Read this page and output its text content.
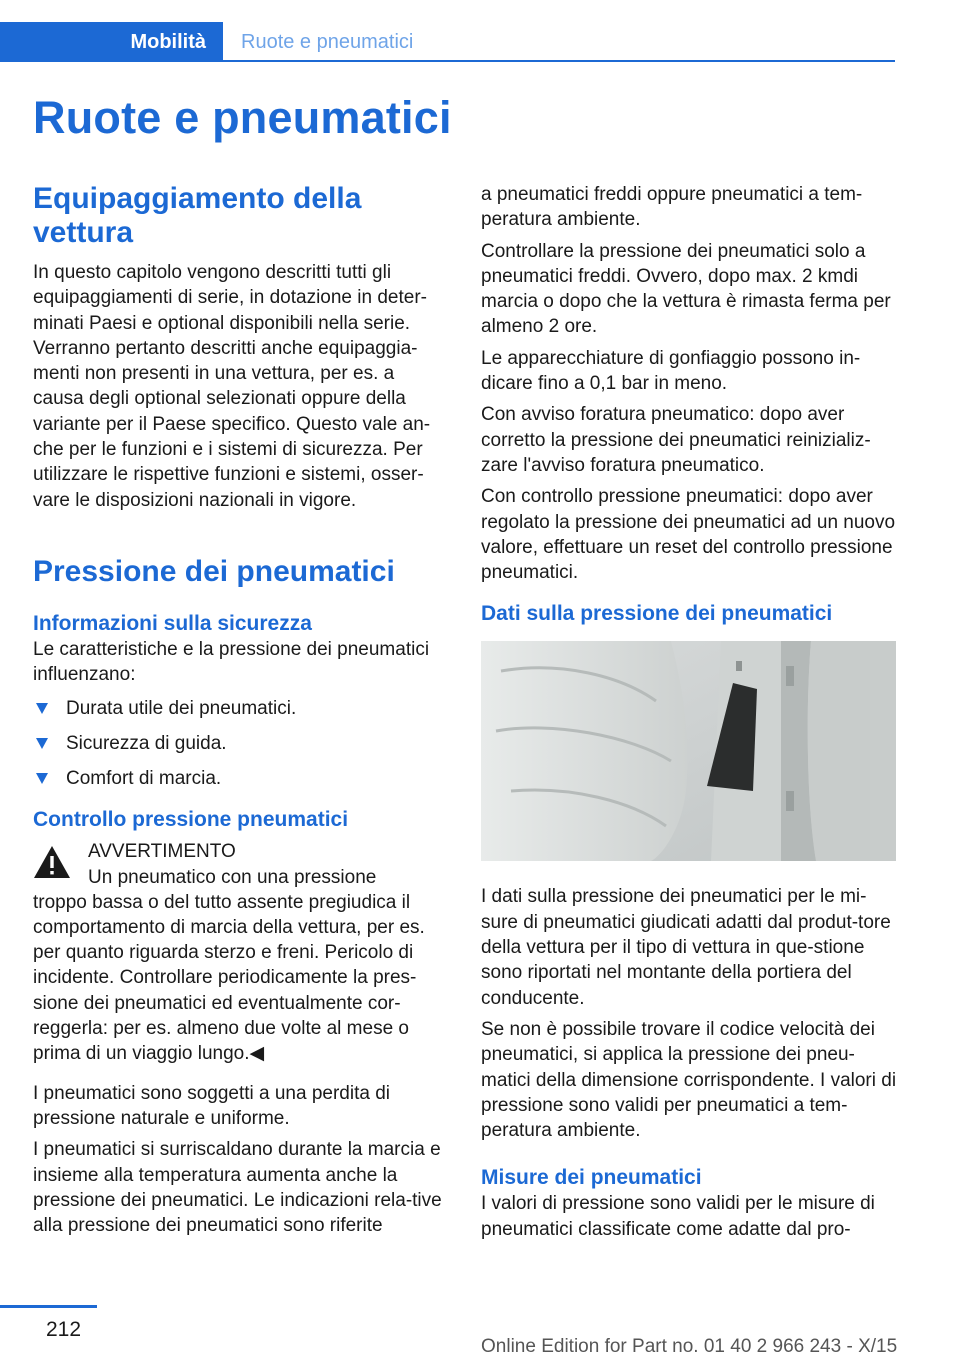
Mobilità	Ruote e pneumatici
Ruote e pneumatici
Equipaggiamento della vettura

In questo capitolo vengono descritti tutti gli equipaggiamenti di serie, in dotazione in deter‐minati Paesi e optional disponibili nella serie. Verranno pertanto descritti anche equipaggia‐menti non presenti in una vettura, per es. a causa degli optional selezionati oppure della variante per il Paese specifico. Questo vale an‐che per le funzioni e i sistemi di sicurezza. Per utilizzare le rispettive funzioni e sistemi, osser‐vare le disposizioni nazionali in vigore.

Pressione dei pneumatici
Informazioni sulla sicurezza

Le caratteristiche e la pressione dei pneumatici influenzano:

Durata utile dei pneumatici.
Sicurezza di guida.
Comfort di marcia.
Controllo pressione pneumatici
AVVERTIMENTO
Un pneumatico con una pressione

troppo bassa o del tutto assente pregiudica il comportamento di marcia della vettura, per es. per quanto riguarda sterzo e freni. Pericolo di incidente. Controllare periodicamente la pres‐sione dei pneumatici ed eventualmente cor‐reggerla: per es. almeno due volte al mese o prima di un viaggio lungo.◀

I pneumatici sono soggetti a una perdita di pressione naturale e uniforme.

I pneumatici si surriscaldano durante la marcia e insieme alla temperatura aumenta anche la pressione dei pneumatici. Le indicazioni rela‐tive alla pressione dei pneumatici sono riferite

a pneumatici freddi oppure pneumatici a tem‐peratura ambiente.

Controllare la pressione dei pneumatici solo a pneumatici freddi. Ovvero, dopo max. 2 kmdi marcia o dopo che la vettura è rimasta ferma per almeno 2 ore.

Le apparecchiature di gonfiaggio possono in‐dicare fino a 0,1 bar in meno.

Con avviso foratura pneumatico: dopo aver corretto la pressione dei pneumatici reinizializ‐zare l'avviso foratura pneumatico.

Con controllo pressione pneumatici: dopo aver regolato la pressione dei pneumatici ad un nuovo valore, effettuare un reset del controllo pressione pneumatici.

Dati sulla pressione dei pneumatici

I dati sulla pressione dei pneumatici per le mi‐sure di pneumatici giudicati adatti dal produt‐tore della vettura per il tipo di vettura in que‐stione sono riportati nel montante della portiera del conducente.

Se non è possibile trovare il codice velocità dei pneumatici, si applica la pressione dei pneu‐matici della dimensione corrispondente. I valori di pressione sono validi per pneumatici a tem‐peratura ambiente.

Misure dei pneumatici

I valori di pressione sono validi per le misure di pneumatici classificate come adatte dal pro‐

212
Online Edition for Part no. 01 40 2 966 243 - X/15
